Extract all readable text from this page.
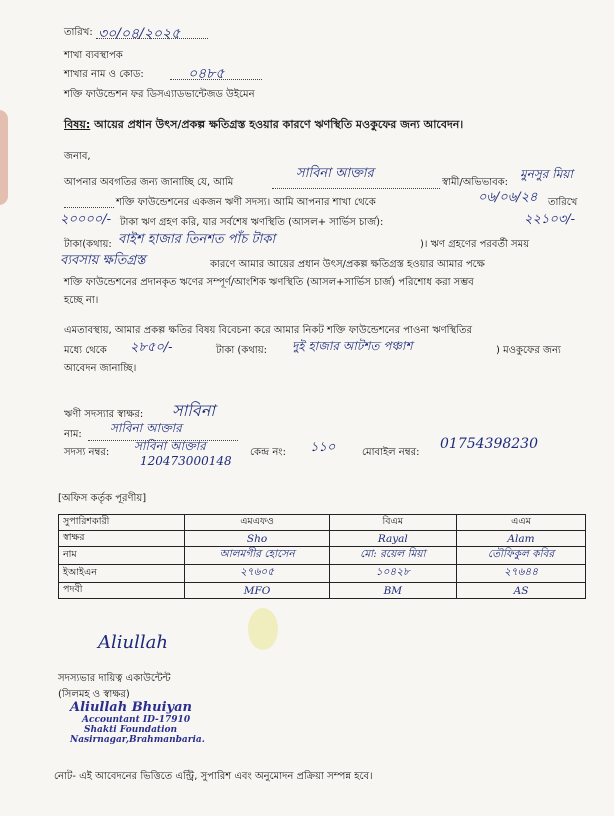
তারিখ: ৩০/০৪/২০২৫
শাখা ব্যবস্থাপক
শাখার নাম ও কোড:	০৪৮৫
শক্তি ফাউন্ডেশন ফর ডিসএ্যাডভান্টেজড উইমেন
বিষয়: আয়ের প্রধান উৎস/প্রকল্প ক্ষতিগ্রস্ত হওয়ার কারণে ঋণস্থিতি মওকুফের জন্য আবেদন।
জনাব,
আপনার অবগতির জন্য জানাচ্ছি যে, আমি
সাবিনা আক্তার
স্বামী/অভিভাবক:
মুনসুর মিয়া
শক্তি ফাউন্ডেশনের একজন ঋণী সদস্য। আমি আপনার শাখা থেকে	০৬/০৬/২৪ তারিখে
২০০০০/- টাকা ঋণ গ্রহণ করি, যার সর্বশেষ ঋণস্থিতি (আসল+ সার্ভিস চার্জ):	২২১০৩/-
টাকা(কথায়: বাইশ হাজার তিনশত পাঁচ টাকা	)। ঋণ গ্রহণের পরবর্তী সময়
ব্যবসায় ক্ষতিগ্রস্ত	কারণে আমার আয়ের প্রধান উৎস/প্রকল্প ক্ষতিগ্রস্ত হওয়ার আমার পক্ষে
শক্তি ফাউন্ডেশনের প্রদানকৃত ঋণের সম্পূর্ণ/আংশিক ঋণস্থিতি (আসল+সার্ভিস চার্জ) পরিশোধ করা সম্ভব
হচ্ছে না।
এমতাবস্থায়, আমার প্রকল্প ক্ষতির বিষয় বিবেচনা করে আমার নিকট শক্তি ফাউন্ডেশনের পাওনা ঋণস্থিতির
মধ্যে থেকে ২৮৫০/-	টাকা (কথায়: দুই হাজার আটশত পঞ্চাশ	) মওকুফের জন্য
আবেদন জানাচ্ছি।
ঋণী সদস্যার স্বাক্ষর: সাবিনা
নাম: সাবিনা আক্তার
সদস্য নম্বর: সাবিনা আক্তার
120473000148
কেন্দ্র নং: ১১০	মোবাইল নম্বর:
01754398230
[অফিস কর্তৃক পূরণীয়]
সুপারিশকারী	এমএফও	বিএম	এএম
স্বাক্ষর	Sho	Rayal	Alam
নাম	আলমগীর হোসেন	মো: রয়েল মিয়া	তৌফিকুল কবির
ইআইএন	২৭৬০৫	১০৪২৮	২৭৬৪৪
পদবী	MFO	BM	AS
Aliullah
সদস্যভার দায়িত্ব একাউন্টেন্ট
(সিলমহ ও স্বাক্ষর)
Aliullah Bhuiyan
Accountant ID-17910
Shakti Foundation
Nasirnagar,Brahmanbaria.
নোট- এই আবেদনের ভিত্তিতে এন্ট্রি, সুপারিশ এবং অনুমোদন প্রক্রিয়া সম্পন্ন হবে।
